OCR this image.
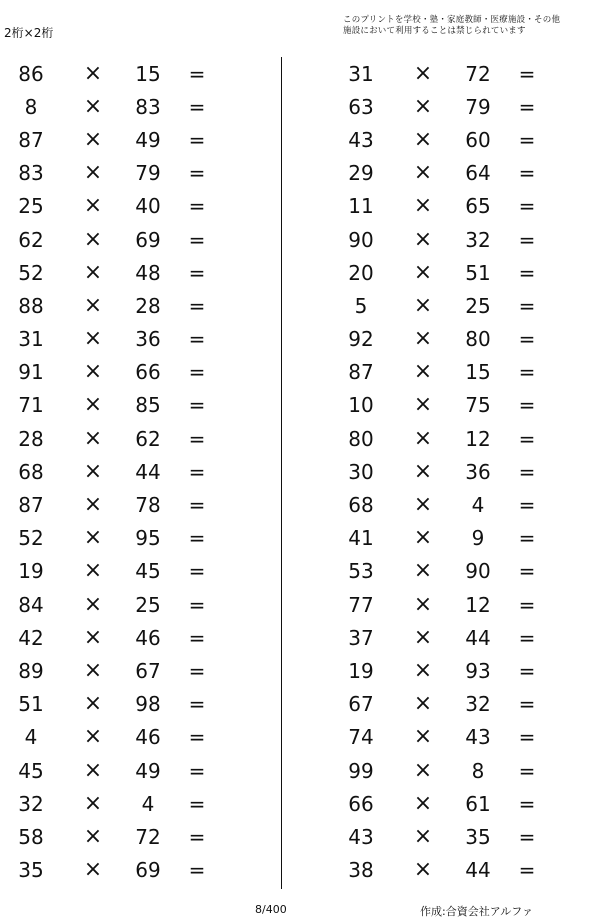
2桁×2桁
このプリントを学校・塾・家庭教師・医療施設・その他
施設において利用することは禁じられています
86	×	15	=
8	×	83	=
87	×	49	=
83	×	79	=
25	×	40	=
62	×	69	=
52	×	48	=
88	×	28	=
31	×	36	=
91	×	66	=
71	×	85	=
28	×	62	=
68	×	44	=
87	×	78	=
52	×	95	=
19	×	45	=
84	×	25	=
42	×	46	=
89	×	67	=
51	×	98	=
4	×	46	=
45	×	49	=
32	×	4	=
58	×	72	=
35	×	69	=
31	×	72	=
63	×	79	=
43	×	60	=
29	×	64	=
11	×	65	=
90	×	32	=
20	×	51	=
5	×	25	=
92	×	80	=
87	×	15	=
10	×	75	=
80	×	12	=
30	×	36	=
68	×	4	=
41	×	9	=
53	×	90	=
77	×	12	=
37	×	44	=
19	×	93	=
67	×	32	=
74	×	43	=
99	×	8	=
66	×	61	=
43	×	35	=
38	×	44	=
8/400	作成:合資会社アルファ
